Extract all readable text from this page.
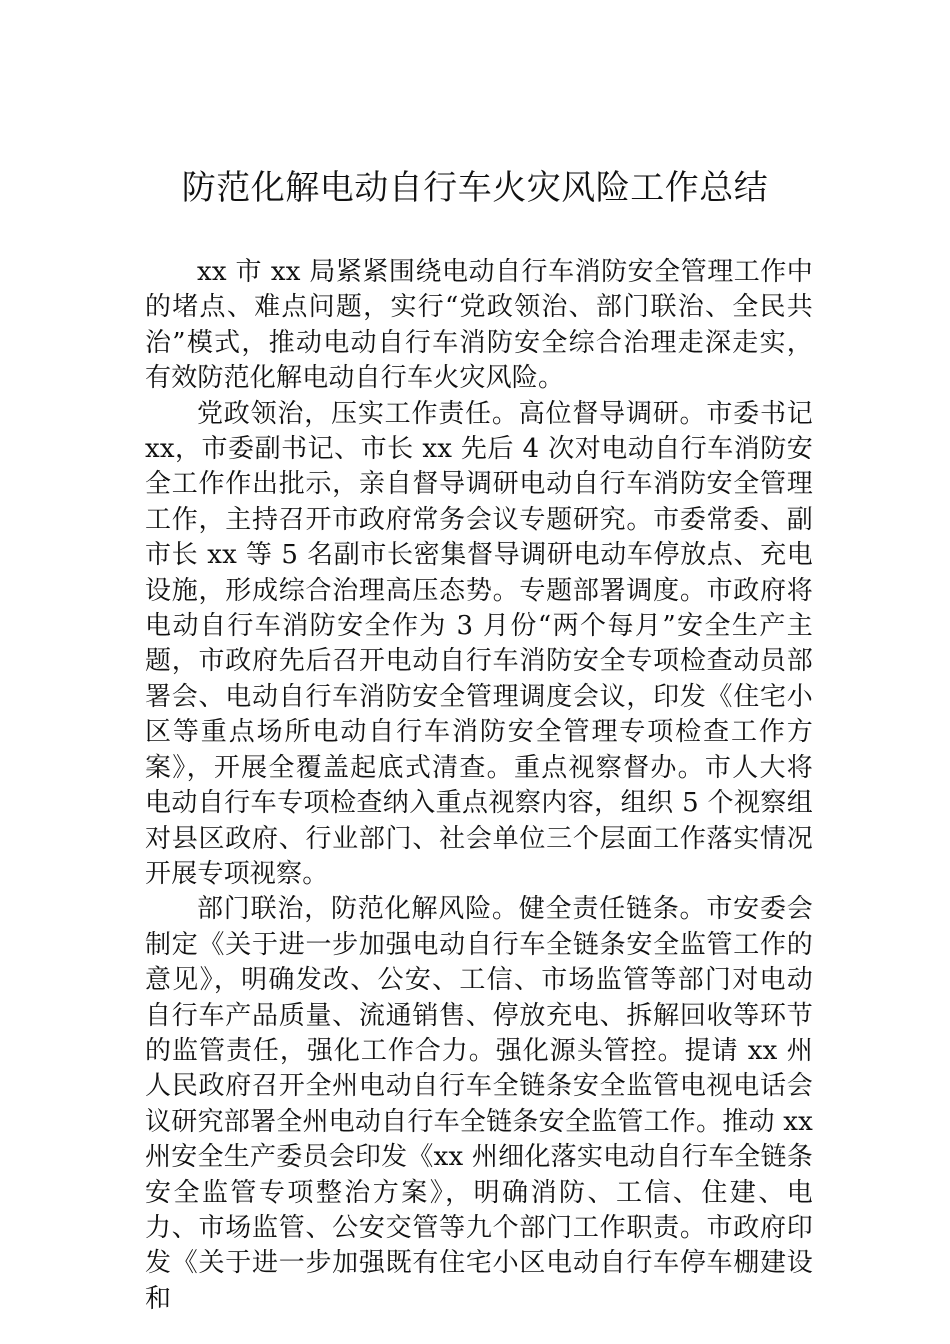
防范化解电动自行车火灾风险工作总结

xx 市 xx 局紧紧围绕电动自行车消防安全管理工作中的堵点、难点问题，实行“党政领治、部门联治、全民共治”模式，推动电动自行车消防安全综合治理走深走实，有效防范化解电动自行车火灾风险。

党政领治，压实工作责任。高位督导调研。市委书记 xx，市委副书记、市长 xx 先后 4 次对电动自行车消防安全工作作出批示，亲自督导调研电动自行车消防安全管理工作，主持召开市政府常务会议专题研究。市委常委、副市长 xx 等 5 名副市长密集督导调研电动车停放点、充电设施，形成综合治理高压态势。专题部署调度。市政府将电动自行车消防安全作为 3 月份“两个每月”安全生产主题，市政府先后召开电动自行车消防安全专项检查动员部署会、电动自行车消防安全管理调度会议，印发《住宅小区等重点场所电动自行车消防安全管理专项检查工作方案》，开展全覆盖起底式清查。重点视察督办。市人大将电动自行车专项检查纳入重点视察内容，组织 5 个视察组对县区政府、行业部门、社会单位三个层面工作落实情况开展专项视察。

部门联治，防范化解风险。健全责任链条。市安委会制定《关于进一步加强电动自行车全链条安全监管工作的意见》，明确发改、公安、工信、市场监管等部门对电动自行车产品质量、流通销售、停放充电、拆解回收等环节的监管责任，强化工作合力。强化源头管控。提请 xx 州人民政府召开全州电动自行车全链条安全监管电视电话会议研究部署全州电动自行车全链条安全监管工作。推动 xx 州安全生产委员会印发《xx 州细化落实电动自行车全链条安全监管专项整治方案》，明确消防、工信、住建、电力、市场监管、公安交管等九个部门工作职责。市政府印发《关于进一步加强既有住宅小区电动自行车停车棚建设和
